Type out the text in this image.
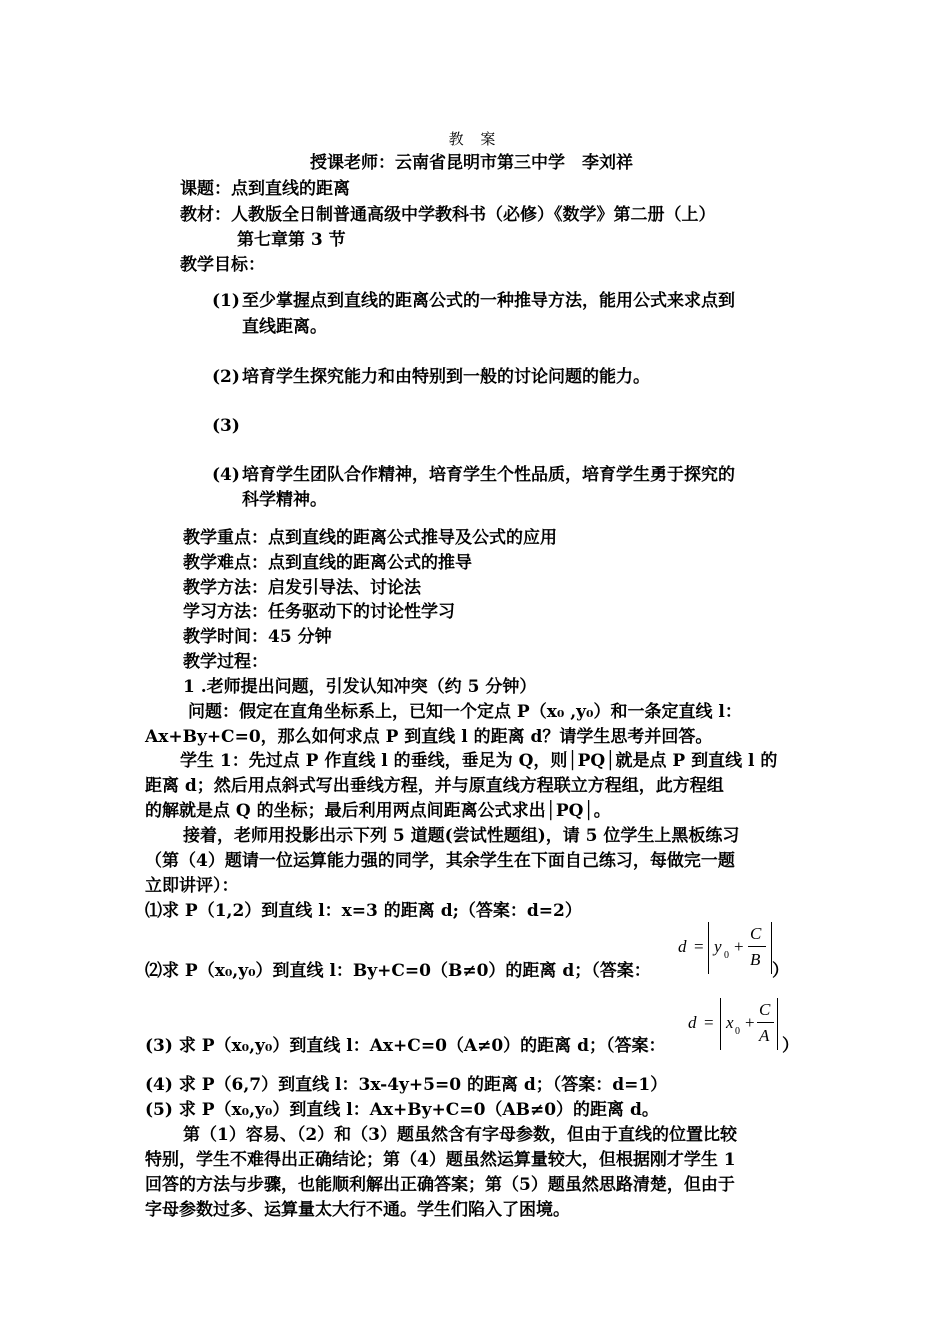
教 案
授课老师：云南省昆明市第三中学　李刘祥
课题：点到直线的距离
教材：人教版全日制普通高级中学教科书（必修）《数学》第二册（上）
第七章第 3 节
教学目标：
(1) 至少掌握点到直线的距离公式的一种推导方法，能用公式来求点到
直线距离。
(2) 培育学生探究能力和由特别到一般的讨论问题的能力。
(3)
(4) 培育学生团队合作精神，培育学生个性品质，培育学生勇于探究的
科学精神。
教学重点：点到直线的距离公式推导及公式的应用
教学难点：点到直线的距离公式的推导
教学方法：启发引导法、讨论法
学习方法：任务驱动下的讨论性学习
教学时间：45 分钟
教学过程：
1 .老师提出问题，引发认知冲突（约 5 分钟）
问题：假定在直角坐标系上，已知一个定点 P（x₀ ,y₀）和一条定直线 l：
Ax+By+C=0，那么如何求点 P 到直线 l 的距离 d？请学生思考并回答。
学生 1：先过点 P 作直线 l 的垂线，垂足为 Q，则│PQ│就是点 P 到直线 l 的
距离 d；然后用点斜式写出垂线方程，并与原直线方程联立方程组，此方程组
的解就是点 Q 的坐标；最后利用两点间距离公式求出│PQ│。
接着，老师用投影出示下列 5 道题(尝试性题组)，请 5 位学生上黑板练习
（第（4）题请一位运算能力强的同学，其余学生在下面自己练习，每做完一题
立即讲评）：
⑴求 P（1,2）到直线 l：x=3 的距离 d;（答案：d=2）
⑵求 P（x₀,y₀）到直线 l：By+C=0（B≠0）的距离 d；（答案：
d = y 0 +
C
B
）
(3) 求 P（x₀,y₀）到直线 l：Ax+C=0（A≠0）的距离 d；（答案：
d = x 0 +
C
A
）
(4) 求 P（6,7）到直线 l：3x-4y+5=0 的距离 d；（答案：d=1）
(5) 求 P（x₀,y₀）到直线 l：Ax+By+C=0（AB≠0）的距离 d。
第（1）容易、（2）和（3）题虽然含有字母参数，但由于直线的位置比较
特别，学生不难得出正确结论；第（4）题虽然运算量较大，但根据刚才学生 1
回答的方法与步骤，也能顺利解出正确答案；第（5）题虽然思路清楚，但由于
字母参数过多、运算量太大行不通。学生们陷入了困境。
